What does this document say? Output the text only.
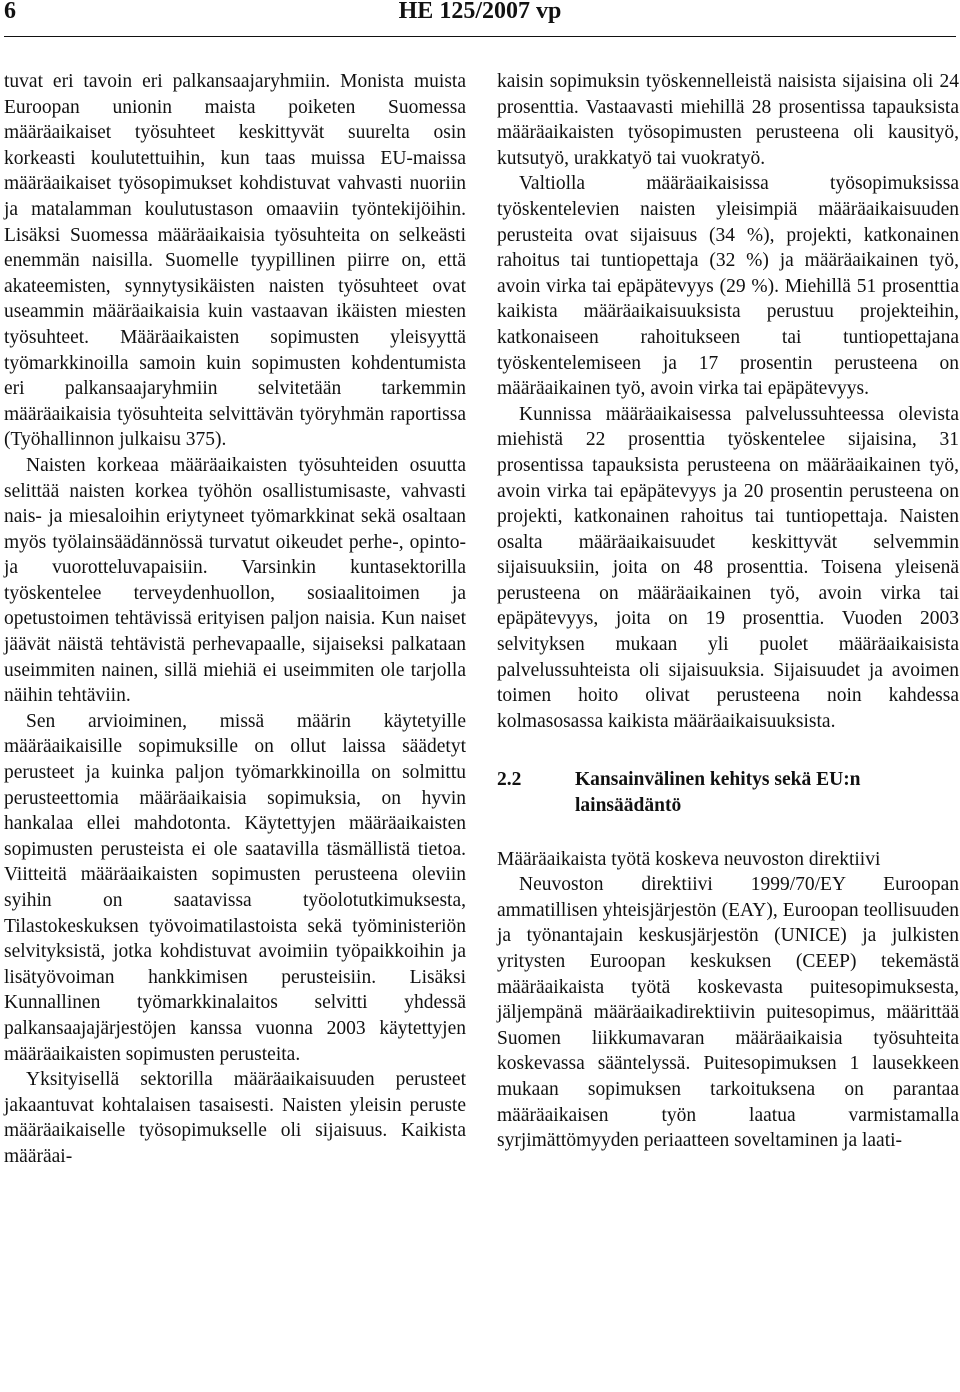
6	HE 125/2007 vp

tuvat eri tavoin eri palkansaajaryhmiin. Monista muista Euroopan unionin maista poiketen Suomessa määräaikaiset työsuhteet keskittyvät suurelta osin korkeasti koulutettuihin, kun taas muissa EU-maissa määräaikaiset työsopimukset kohdistuvat vahvasti nuoriin ja matalamman koulutustason omaaviin työntekijöihin. Lisäksi Suomessa määräaikaisia työsuhteita on selkeästi enemmän naisilla. Suomelle tyypillinen piirre on, että akateemisten, synnytysikäisten naisten työsuhteet ovat useammin määräaikaisia kuin vastaavan ikäisten miesten työsuhteet. Määräaikaisten sopimusten yleisyyttä työmarkkinoilla samoin kuin sopimusten kohdentumista eri palkansaajaryhmiin selvitetään tarkemmin määräaikaisia työsuhteita selvittävän työryhmän raportissa (Työhallinnon julkaisu 375).

Naisten korkeaa määräaikaisten työsuhteiden osuutta selittää naisten korkea työhön osallistumisaste, vahvasti nais- ja miesaloihin eriytyneet työmarkkinat sekä osaltaan myös työlainsäädännössä turvatut oikeudet perhe-, opinto- ja vuorotteluvapaisiin. Varsinkin kuntasektorilla työskentelee terveydenhuollon, sosiaalitoimen ja opetustoimen tehtävissä erityisen paljon naisia. Kun naiset jäävät näistä tehtävistä perhevapaalle, sijaiseksi palkataan useimmiten nainen, sillä miehiä ei useimmiten ole tarjolla näihin tehtäviin.

Sen arvioiminen, missä määrin käytetyille määräaikaisille sopimuksille on ollut laissa säädetyt perusteet ja kuinka paljon työmarkkinoilla on solmittu perusteettomia määräaikaisia sopimuksia, on hyvin hankalaa ellei mahdotonta. Käytettyjen määräaikaisten sopimusten perusteista ei ole saatavilla täsmällistä tietoa. Viitteitä määräaikaisten sopimusten perusteena oleviin syihin on saatavissa työolotutkimuksesta, Tilastokeskuksen työvoimatilastoista sekä työministeriön selvityksistä, jotka kohdistuvat avoimiin työpaikkoihin ja lisätyövoiman hankkimisen perusteisiin. Lisäksi Kunnallinen työmarkkinalaitos selvitti yhdessä palkansaajajärjestöjen kanssa vuonna 2003 käytettyjen määräaikaisten sopimusten perusteita.

Yksityisellä sektorilla määräaikaisuuden perusteet jakaantuvat kohtalaisen tasaisesti. Naisten yleisin peruste määräaikaiselle työsopimukselle oli sijaisuus. Kaikista määräai-

kaisin sopimuksin työskennelleistä naisista sijaisina oli 24 prosenttia. Vastaavasti miehillä 28 prosentissa tapauksista määräaikaisten työsopimusten perusteena oli kausityö, kutsutyö, urakkatyö tai vuokratyö.

Valtiolla määräaikaisissa työsopimuksissa työskentelevien naisten yleisimpiä määräaikaisuuden perusteita ovat sijaisuus (34 %), projekti, katkonainen rahoitus tai tuntiopettaja (32 %) ja määräaikainen työ, avoin virka tai epäpätevyys (29 %). Miehillä 51 prosenttia kaikista määräaikaisuuksista perustuu projekteihin, katkonaiseen rahoitukseen tai tuntiopettajana työskentelemiseen ja 17 prosentin perusteena on määräaikainen työ, avoin virka tai epäpätevyys.

Kunnissa määräaikaisessa palvelussuhteessa olevista miehistä 22 prosenttia työskentelee sijaisina, 31 prosentissa tapauksista perusteena on määräaikainen työ, avoin virka tai epäpätevyys ja 20 prosentin perusteena on projekti, katkonainen rahoitus tai tuntiopettaja. Naisten osalta määräaikaisuudet keskittyvät selvemmin sijaisuuksiin, joita on 48 prosenttia. Toisena yleisenä perusteena on määräaikainen työ, avoin virka tai epäpätevyys, joita on 19 prosenttia. Vuoden 2003 selvityksen mukaan yli puolet määräaikaisista palvelussuhteista oli sijaisuuksia. Sijaisuudet ja avoimen toimen hoito olivat perusteena noin kahdessa kolmasosassa kaikista määräaikaisuuksista.

2.2	Kansainvälinen kehitys sekä EU:n lainsäädäntö

Määräaikaista työtä koskeva neuvoston direktiivi

Neuvoston direktiivi 1999/70/EY Euroopan ammatillisen yhteisjärjestön (EAY), Euroopan teollisuuden ja työnantajain keskusjärjestön (UNICE) ja julkisten yritysten Euroopan keskuksen (CEEP) tekemästä määräaikaista työtä koskevasta puitesopimuksesta, jäljempänä määräaikadirektiivin puitesopimus, määrittää Suomen liikkumavaran määräaikaisia työsuhteita koskevassa sääntelyssä. Puitesopimuksen 1 lausekkeen mukaan sopimuksen tarkoituksena on parantaa määräaikaisen työn laatua varmistamalla syrjimättömyyden periaatteen soveltaminen ja laati-
